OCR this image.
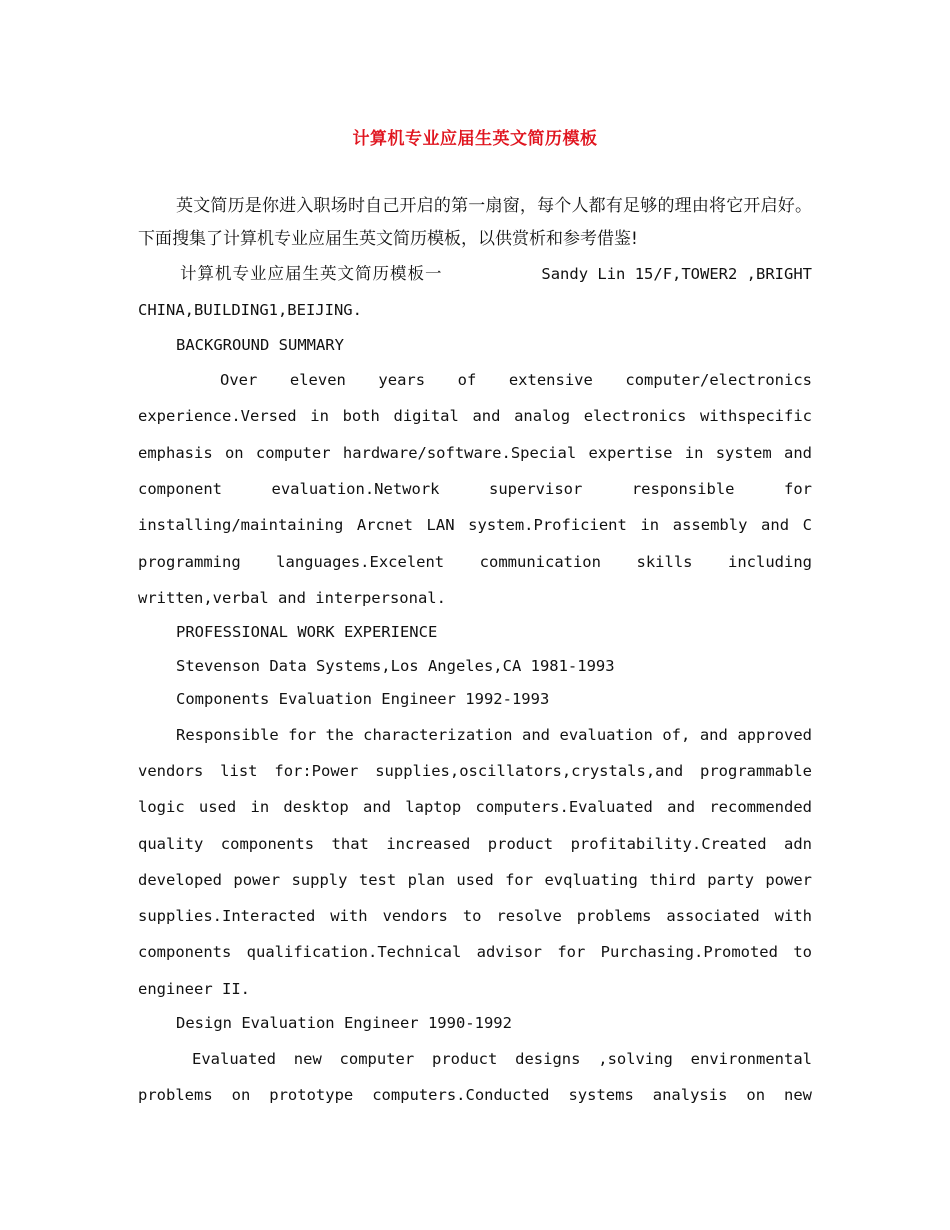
计算机专业应届生英文简历模板

英文简历是你进入职场时自己开启的第一扇窗，每个人都有足够的理由将它开启好。下面搜集了计算机专业应届生英文简历模板，以供赏析和参考借鉴!

计算机专业应届生英文简历模板一	Sandy Lin 15/F,TOWER2 ,BRIGHT

CHINA,BUILDING1,BEIJING.

BACKGROUND SUMMARY

Over eleven years of extensive computer/electronics experience.Versed in both digital and analog electronics withspecific emphasis on computer hardware/software.Special expertise in system and component evaluation.Network supervisor responsible for installing/maintaining Arcnet LAN system.Proficient in assembly and C programming languages.Excelent communication skills including written,verbal and interpersonal.

PROFESSIONAL WORK EXPERIENCE

Stevenson Data Systems,Los Angeles,CA 1981-1993

Components Evaluation Engineer 1992-1993

Responsible for the characterization and evaluation of, and approved vendors list for:Power supplies,oscillators,crystals,and programmable logic used in desktop and laptop computers.Evaluated and recommended quality components that increased product profitability.Created adn developed power supply test plan used for evqluating third party power supplies.Interacted with vendors to resolve problems associated with components qualification.Technical advisor for Purchasing.Promoted to engineer II.

Design Evaluation Engineer 1990-1992

Evaluated new computer product designs ,solving environmental problems on prototype computers.Conducted systems analysis on new
